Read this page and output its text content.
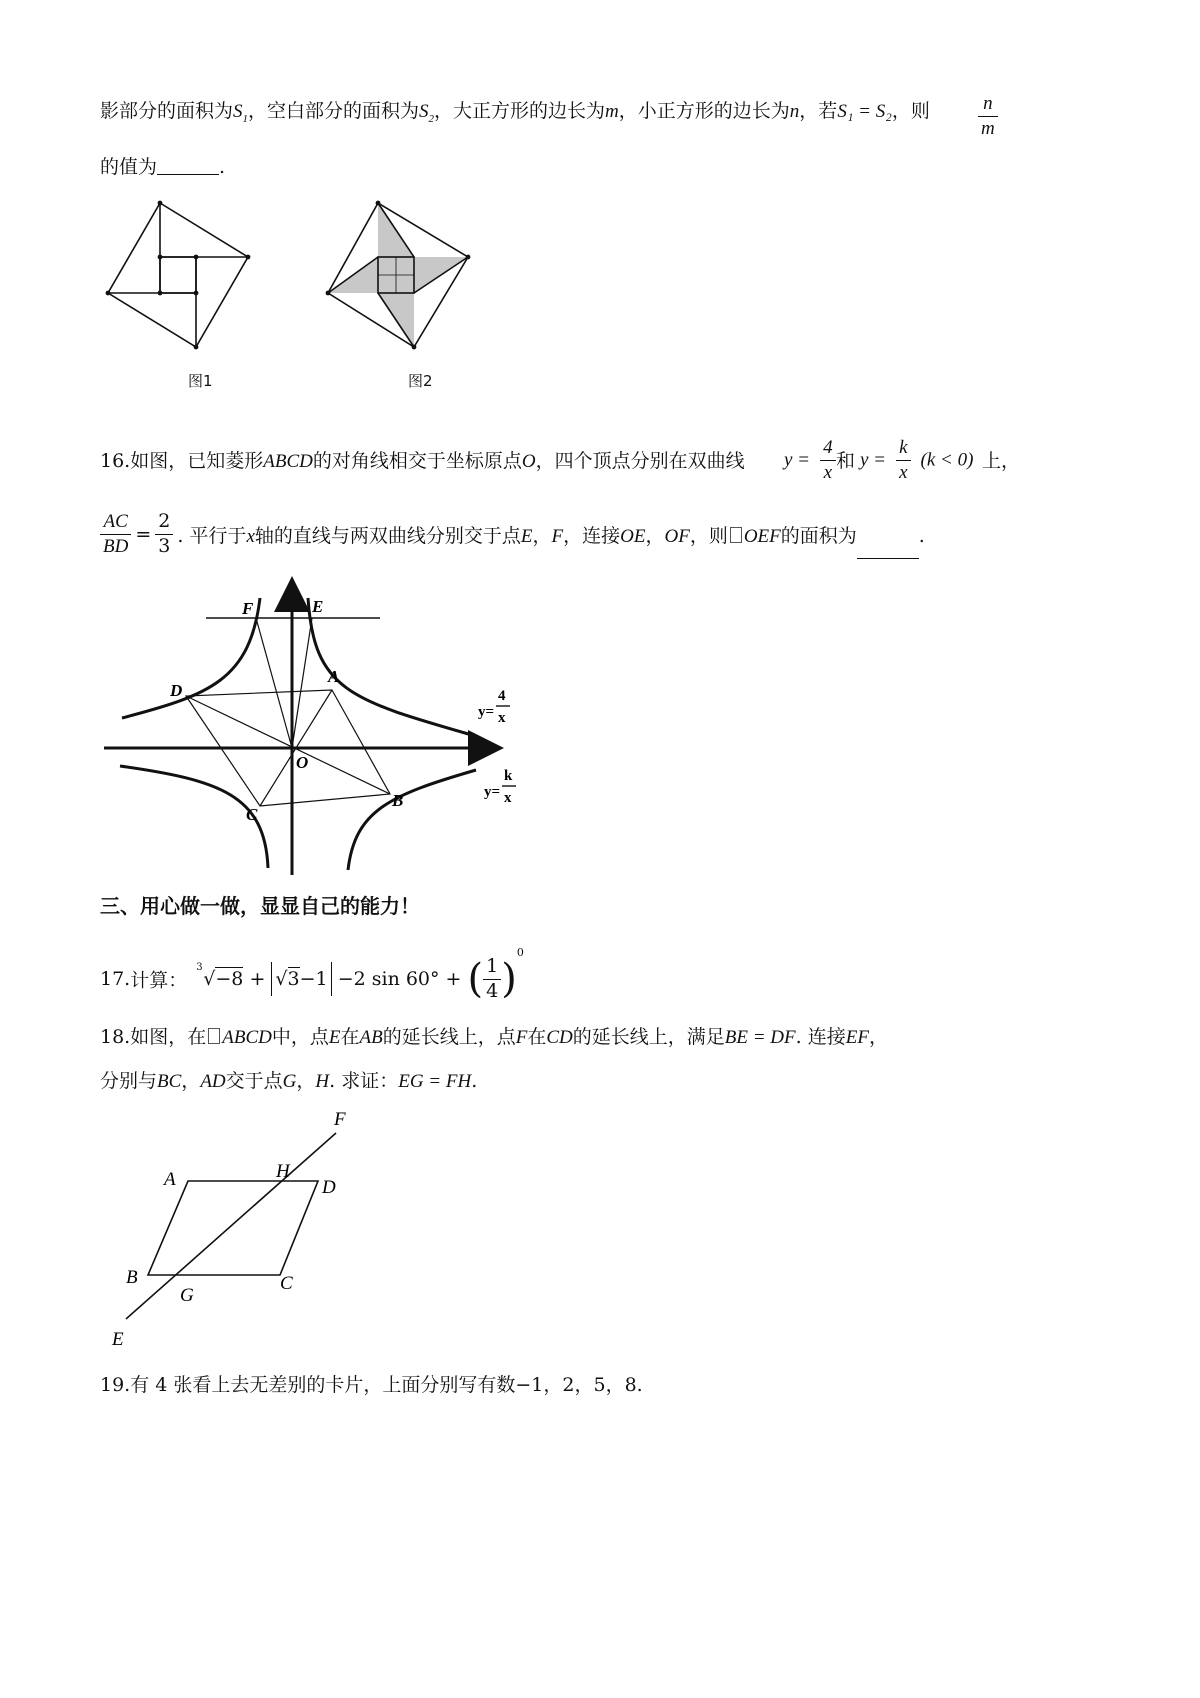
影部分的面积为$S_1$，空白部分的面积为$S_2$，大正方形的边长为m，小正方形的边长为n，若S₁ = S₂，则	n
m
的值为	.
图1	图2
16.如图，已知菱形ABCD的对角线相交于坐标原点O，四个顶点分别在双曲线 $y = \frac{4}{x}$ 和 $y = \frac{k}{x} (k < 0)$ 上，
$\frac{AC}{BD} = \frac{2}{3}$ . 平行于x轴的直线与两双曲线分别交于点E，F，连接OE，OF，则 OEF的面积为	.
F	E
A
D
O
C
B
y=
4
x
y=
k
x
三、用心做一做，显显自己的能力！
17.计算：
3
√−8 + √3−1 −2 sin 60° + ( $\frac{1}{4} )^0$
18.如图，在 ABCD中，点E在AB的延长线上，点F在CD的延长线上，满足BE = DF. 连接EF，
分别与BC，AD交于点G，H. 求证：EG = FH.
F
A	H
D
B	C
G
E
19.有 4 张看上去无差别的卡片，上面分别写有数−1，2，5，8.
